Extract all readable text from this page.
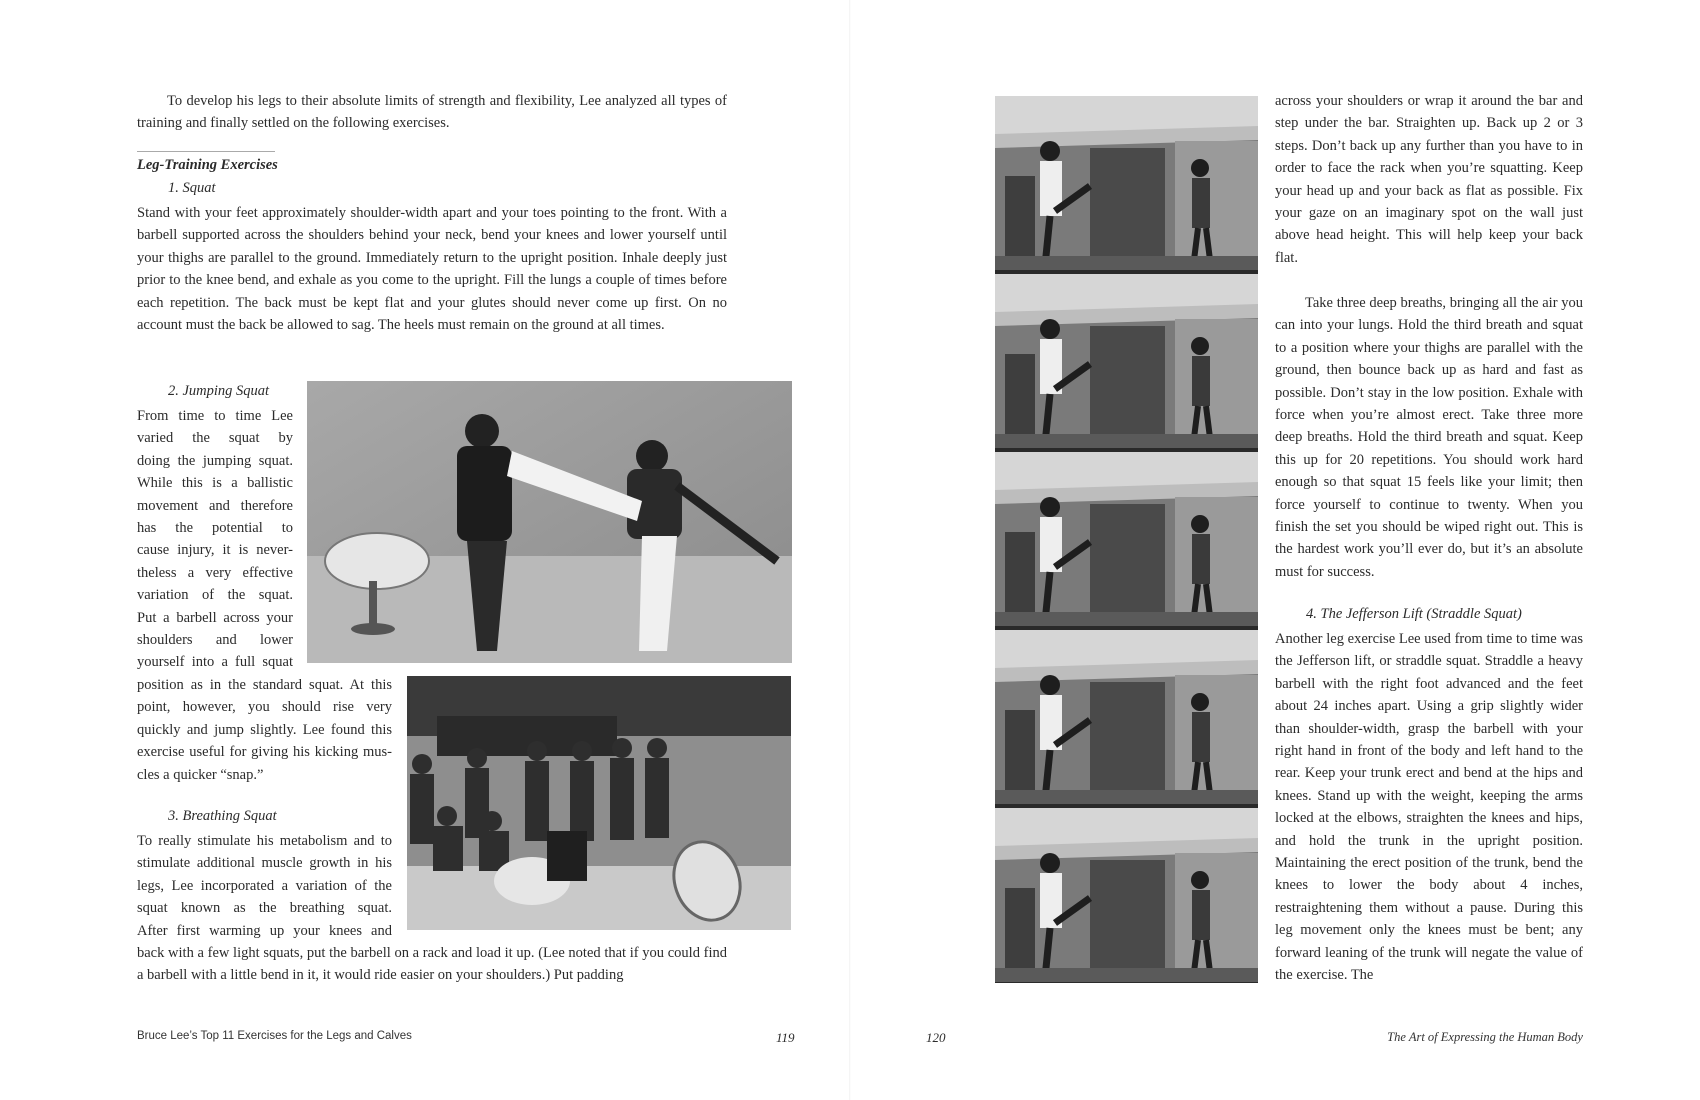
To develop his legs to their absolute limits of strength and flexibility, Lee analyzed all types of training and finally settled on the following exercises.

Leg-Training Exercises

1. Squat

Stand with your feet approximately shoulder-width apart and your toes pointing to the front. With a barbell supported across the shoulders behind your neck, bend your knees and lower yourself until your thighs are parallel to the ground. Immediately return to the upright position. Inhale deeply just prior to the knee bend, and exhale as you come to the upright. Fill the lungs a couple of times before each repetition. The back must be kept flat and your glutes should never come up first. On no account must the back be allowed to sag. The heels must remain on the ground at all times.

2. Jumping Squat

From time to time Lee
varied the squat by
doing the jumping squat.
While this is a ballistic
movement and therefore
has the potential to
cause injury, it is never-
theless a very effective
variation of the squat.
Put a barbell across your
shoulders and lower
yourself into a full squat
position as in the standard squat. At this
point, however, you should rise very
quickly and jump slightly. Lee found this
exercise useful for giving his kicking mus-
cles a quicker “snap.”

3. Breathing Squat

To really stimulate his metabolism and to
stimulate additional muscle growth in his
legs, Lee incorporated a variation of the
squat known as the breathing squat.
After first warming up your knees and

back with a few light squats, put the barbell on a rack and load it up. (Lee noted that if you could find a barbell with a little bend in it, it would ride easier on your shoulders.) Put padding

Bruce Lee’s Top 11 Exercises for the Legs and Calves	119

across your shoulders or wrap it around the bar and step under the bar. Straighten up. Back up 2 or 3 steps. Don’t back up any further than you have to in order to face the rack when you’re squatting. Keep your head up and your back as flat as possible. Fix your gaze on an imaginary spot on the wall just above head height. This will help keep your back flat.

Take three deep breaths, bringing all the air you can into your lungs. Hold the third breath and squat to a position where your thighs are parallel with the ground, then bounce back up as hard and fast as possible. Don’t stay in the low position. Exhale with force when you’re almost erect. Take three more deep breaths. Hold the third breath and squat. Keep this up for 20 repetitions. You should work hard enough so that squat 15 feels like your limit; then force yourself to continue to twenty. When you finish the set you should be wiped right out. This is the hardest work you’ll ever do, but it’s an absolute must for success.

4. The Jefferson Lift (Straddle Squat)

Another leg exercise Lee used from time to time was the Jefferson lift, or straddle squat. Straddle a heavy barbell with the right foot advanced and the feet about 24 inches apart. Using a grip slightly wider than shoulder-width, grasp the barbell with your right hand in front of the body and left hand to the rear. Keep your trunk erect and bend at the hips and knees. Stand up with the weight, keeping the arms locked at the elbows, straighten the knees and hips, and hold the trunk in the upright position. Maintaining the erect position of the trunk, bend the knees to lower the body about 4 inches, restraightening them without a pause. During this leg movement only the knees must be bent; any forward leaning of the trunk will negate the value of the exercise. The

120	The Art of Expressing the Human Body
